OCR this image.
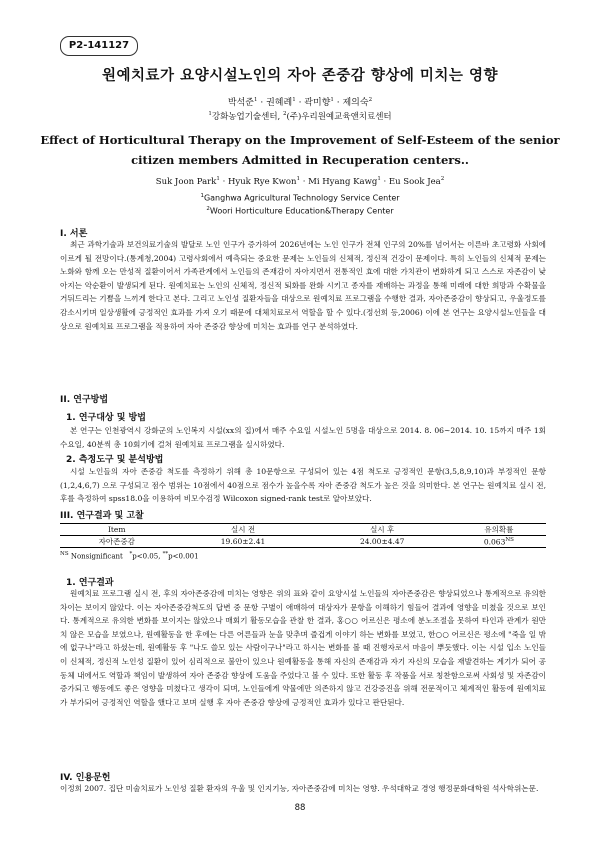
P2-141127
원예치료가 요양시설노인의 자아 존중감 향상에 미치는 영향
박석준$^1$ · 권혜례$^1$ · 곽미향$^1$ · 제의숙$^2$
$^1$강화농업기술센터, $^2$(주)우리원예교육앤치료센터
Effect of Horticultural Therapy on the Improvement of Self-Esteem of the senior citizen members Admitted in Recuperation centers..
Suk Joon Park$^1$ · Hyuk Rye Kwon$^1$ · Mi Hyang Kawg$^1$ · Eu Sook Jea$^2$
$^1$Ganghwa Agricultural Technology Service Center
$^2$Woori Horticulture Education&Therapy Center
I. 서론
최근 과학기술과 보건의료기술의 발달로 노인 인구가 증가하여 2026년에는 노인 인구가 전체 인구의 20%를 넘어서는 이른바 초고령화 사회에 이르게 될 전망이다.(통계청,2004) 고령사회에서 예측되는 중요한 문제는 노인들의 신체적, 정신적 건강이 문제이다. 특히 노인들의 신체적 문제는 노화와 함께 오는 만성적 질환이어서 가족관계에서 노인들의 존재감이 자아지면서 전통적인 효에 대한 가치관이 변화하게 되고 스스로 자존감이 낮아지는 악순환이 발생되게 된다. 원예치료는 노인의 신체적, 정신적 퇴화를 완화 시키고 종자를 재배하는 과정을 통해 미래에 대한 희망과 수확물을 거둬드리는 기쁨을 느끼게 한다고 본다. 그리고 노인성 질환자들을 대상으로 원예치료 프로그램을 수행한 결과, 자아존중감이 향상되고, 우울정도를 감소시키며 일상생활에 긍정적인 효과를 가져 오기 때문에 대체치료로서 역할을 할 수 있다.(정선희 등,2006) 이에 본 연구는 요양시설노인들을 대상으로 원예치료 프로그램을 적용하여 자아 존중감 향상에 미치는 효과를 연구 분석하였다.
II. 연구방법
1. 연구대상 및 방법
본 연구는 인천광역시 강화군의 노인복지 시설(xx의 집)에서 매주 수요일 시설노인 5명을 대상으로 2014. 8. 06~2014. 10. 15까지 매주 1회 수요일, 40분씩 총 10회기에 걸쳐 원예치료 프로그램을 실시하였다.
2. 측정도구 및 분석방법
시설 노인들의 자아 존중감 척도를 측정하기 위해 총 10문항으로 구성되어 있는 4점 척도로 긍정적인 문항(3,5,8,9,10)과 부정적인 문항(1,2,4,6,7) 으로 구성되고 점수 범위는 10점에서 40점으로 점수가 높을수록 자아 존중감 척도가 높은 것을 의미한다. 본 연구는 원예치료 실시 전, 후를 측정하여 spss18.0을 이용하여 비모수검정 Wilcoxon signed-rank test로 알아보았다.
III. 연구결과 및 고찰
Item	실시 전	실시 후	유의확률
자아존중감	19.60±2.41	24.00±4.47	$0.063^{NS}$
$^{NS}$ Nonsignificant *p<0.05, **p<0.001
1. 연구결과
원예치료 프로그램 실시 전, 후의 자아존중감에 미치는 영향은 위의 표와 같이 요양시설 노인들의 자아존중감은 향상되었으나 통계적으로 유의한 차이는 보이지 않았다. 이는 자아존중감척도의 답변 중 문항 구별이 애매하여 대상자가 문항을 이해하기 힘들어 결과에 영향을 미쳤을 것으로 보인다. 통계적으로 유의한 변화를 보이지는 않았으나 매회기 활동모습을 관찰 한 결과, 홍○○ 어르신은 평소에 분노조절을 못하여 타인과 관계가 원만치 않은 모습을 보였으나, 원예활동을 한 후에는 다른 어른들과 눈을 맞추며 즐겁게 이야기 하는 변화를 보였고, 한○○ 어르신은 평소에 "죽을 일 밖에 없구나"라고 하셨는데, 원예활동 후 "나도 쓸모 있는 사람이구나"라고 하시는 변화를 볼 때 진행자로서 마음이 뿌듯했다. 이는 시설 입소 노인들이 신체적, 정신적 노인성 질환이 있어 심리적으로 불안이 있으나 원예활동을 통해 자신의 존재감과 자기 자신의 모습을 재발견하는 계기가 되어 공동체 내에서도 역할과 책임이 발생하여 자아 존중감 향상에 도움을 주었다고 볼 수 있다. 또한 활동 후 작품을 서로 칭찬함으로써 사회성 및 자존감이 증가되고 행동에도 좋은 영향을 미쳤다고 생각이 되며, 노인들에게 약물에만 의존하지 않고 건강증진을 위해 전문적이고 체계적인 활동에 원예치료가 부가되어 긍정적인 역할을 했다고 보며 실행 후 자아 존중감 향상에 긍정적인 효과가 있다고 판단된다.
IV. 인용문헌
이정희 2007. 집단 미술치료가 노인성 질환 환자의 우울 및 인지기능, 자아존중감에 미치는 영향. 우석대학교 경영 행정문화대학원 석사학위논문.
88
